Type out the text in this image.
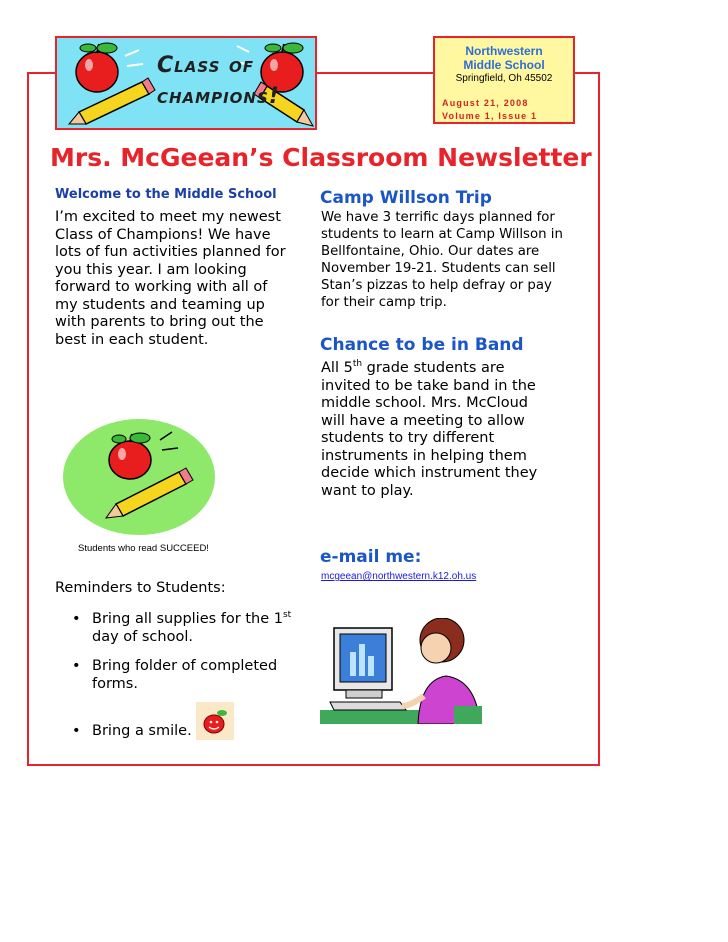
Class of
champions!
Northwestern
Middle School
Springfield, Oh 45502
August 21, 2008
Volume 1, Issue 1
Mrs. McGeean’s Classroom Newsletter
Welcome to the Middle School
I’m excited to meet my newest
Class of Champions! We have
lots of fun activities planned for
you this year. I am looking
forward to working with all of
my students and teaming up
with parents to bring out the
best in each student.
Students who read SUCCEED!
Reminders to Students:
• Bring all supplies for the 1st
day of school.
• Bring folder of completed
forms.
• Bring a smile.
Camp Willson Trip
We have 3 terrific days planned for
students to learn at Camp Willson in
Bellfontaine, Ohio. Our dates are
November 19-21. Students can sell
Stan’s pizzas to help defray or pay
for their camp trip.
Chance to be in Band
All 5th grade students are
invited to be take band in the
middle school. Mrs. McCloud
will have a meeting to allow
students to try different
instruments in helping them
decide which instrument they
want to play.
e-mail me:
mcgeean@northwestern.k12.oh.us
